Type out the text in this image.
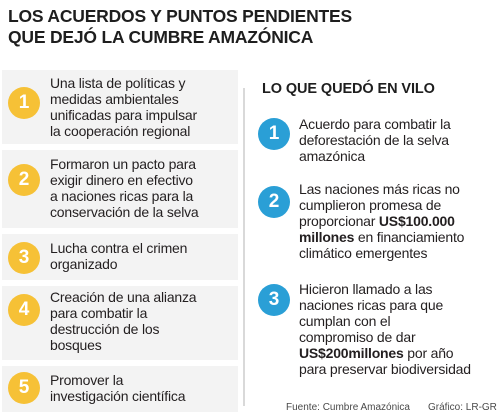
LOS ACUERDOS Y PUNTOS PENDIENTES
QUE DEJÓ LA CUMBRE AMAZÓNICA
1
Una lista de políticas y
medidas ambientales
unificadas para impulsar
la cooperación regional
2
Formaron un pacto para
exigir dinero en efectivo
a naciones ricas para la
conservación de la selva
3 Lucha contra el crimen
organizado
4
Creación de una alianza
para combatir la
destrucción de los
bosques
5 Promover la
investigación científica
LO QUE QUEDÓ EN VILO
1 Acuerdo para combatir la
deforestación de la selva
amazónica
2
Las naciones más ricas no
cumplieron promesa de
proporcionar US$100.000
millones en financiamiento
climático emergentes
3 Hicieron llamado a las
naciones ricas para que
cumplan con el
compromiso de dar
US$200millones por año
para preservar biodiversidad
Fuente: Cumbre Amazónica Gráfico: LR-GR
